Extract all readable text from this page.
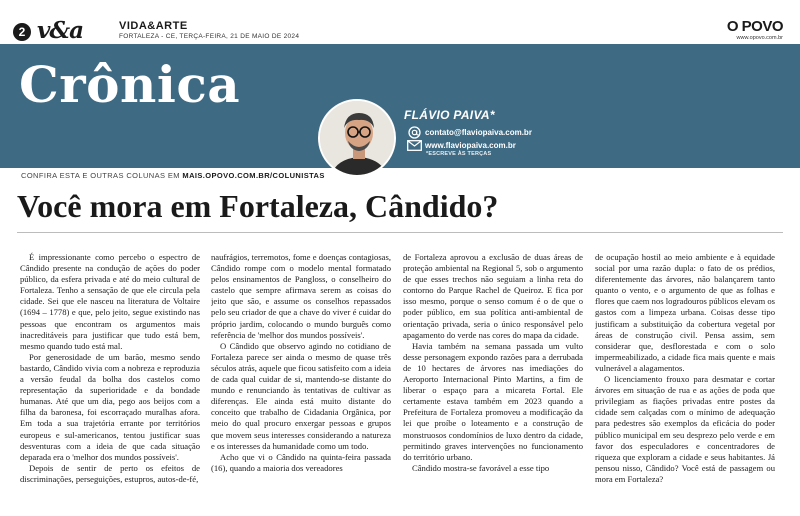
2 v&a	VIDA&ARTE
FORTALEZA - CE, TERÇA-FEIRA, 21 DE MAIO DE 2024
O POVO
www.opovo.com.br
Crônica
FLÁVIO PAIVA*
contato@flaviopaiva.com.br
www.flaviopaiva.com.br
*ESCREVE ÀS TERÇAS
CONFIRA ESTA E OUTRAS COLUNAS EM MAIS.OPOVO.COM.BR/COLUNISTAS
Você mora em Fortaleza, Cândido?

É impressionante como percebo o espectro de Cândido presente na condução de ações do poder público, da esfera privada e até do meio cultural de Fortaleza. Tenho a sensação de que ele circula pela cidade. Sei que ele nasceu na literatura de Voltaire (1694 – 1778) e que, pelo jeito, segue existindo nas pessoas que encontram os argumentos mais inacreditáveis para justificar que tudo está bem, mesmo quando tudo está mal.

Por generosidade de um barão, mesmo sendo bastardo, Cândido vivia com a nobreza e reproduzia a versão feudal da bolha dos castelos como representação da superioridade e da bondade humanas. Até que um dia, pego aos beijos com a filha da baronesa, foi escorraçado muralhas afora. Em toda a sua trajetória errante por territórios europeus e sul-americanos, tentou justificar suas desventuras com a ideia de que cada situação deparada era o 'melhor dos mundos possíveis'.

Depois de sentir de perto os efeitos de discriminações, perseguições, estupros, autos-de-fé,

naufrágios, terremotos, fome e doenças contagiosas, Cândido rompe com o modelo mental formatado pelos ensinamentos de Pangloss, o conselheiro do castelo que sempre afirmava serem as coisas do jeito que são, e assume os conselhos repassados pelo seu criador de que a chave do viver é cuidar do próprio jardim, colocando o mundo burguês como referência de 'melhor dos mundos possíveis'.

O Cândido que observo agindo no cotidiano de Fortaleza parece ser ainda o mesmo de quase três séculos atrás, aquele que ficou satisfeito com a ideia de cada qual cuidar de si, mantendo-se distante do mundo e renunciando às tentativas de cultivar as diferenças. Ele ainda está muito distante do conceito que trabalho de Cidadania Orgânica, por meio do qual procuro enxergar pessoas e grupos que movem seus interesses considerando a natureza e os interesses da humanidade como um todo.

Acho que vi o Cândido na quinta-feira passada (16), quando a maioria dos vereadores

de Fortaleza aprovou a exclusão de duas áreas de proteção ambiental na Regional 5, sob o argumento de que esses trechos não seguiam a linha reta do contorno do Parque Rachel de Queiroz. E fica por isso mesmo, porque o senso comum é o de que o poder público, em sua política anti-ambiental de orientação privada, seria o único responsável pelo apagamento do verde nas cores do mapa da cidade.

Havia também na semana passada um vulto desse personagem expondo razões para a derrubada de 10 hectares de árvores nas imediações do Aeroporto Internacional Pinto Martins, a fim de liberar o espaço para a micareta Fortal. Ele certamente estava também em 2023 quando a Prefeitura de Fortaleza promoveu a modificação da lei que proíbe o loteamento e a construção de monstruosos condomínios de luxo dentro da cidade, permitindo graves intervenções no funcionamento do território urbano.

Cândido mostra-se favorável a esse tipo

de ocupação hostil ao meio ambiente e à equidade social por uma razão dupla: o fato de os prédios, diferentemente das árvores, não balançarem tanto quanto o vento, e o argumento de que as folhas e flores que caem nos logradouros públicos elevam os gastos com a limpeza urbana. Coisas desse tipo justificam a substituição da cobertura vegetal por áreas de construção civil. Pensa assim, sem considerar que, desflorestada e com o solo impermeabilizado, a cidade fica mais quente e mais vulnerável a alagamentos.

O licenciamento frouxo para desmatar e cortar árvores em situação de rua e as ações de poda que privilegiam as fiações privadas entre postes da cidade sem calçadas com o mínimo de adequação para pedestres são exemplos da eficácia do poder público municipal em seu desprezo pelo verde e em favor dos especuladores e concentradores de riqueza que exploram a cidade e seus habitantes. Já pensou nisso, Cândido? Você está de passagem ou mora em Fortaleza?
